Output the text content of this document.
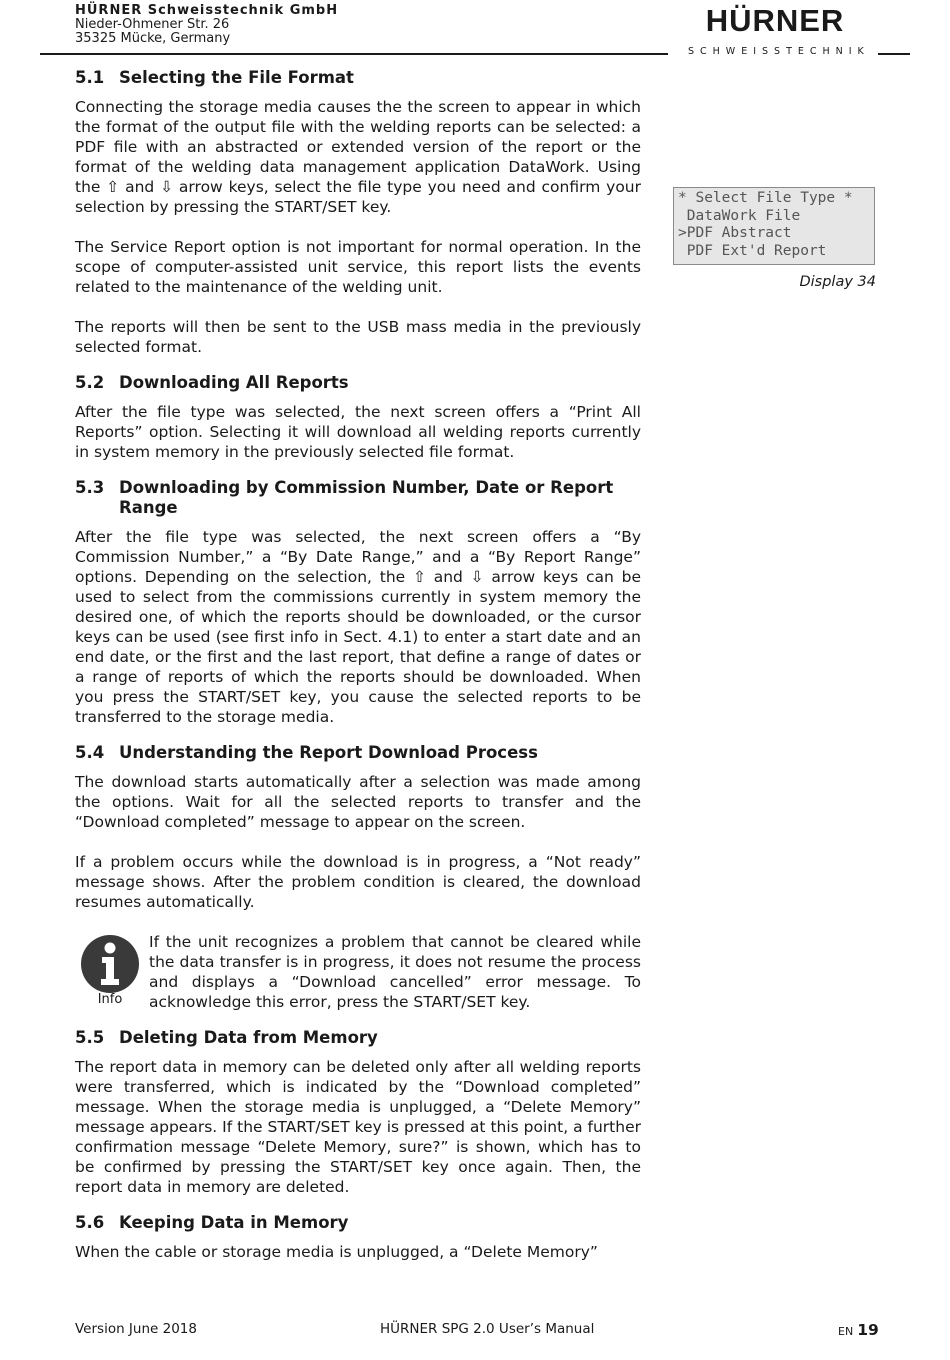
HÜRNER Schweisstechnik GmbH
Nieder-Ohmener Str. 26
35325 Mücke, Germany
HÜRNER
SCHWEISSTECHNIK
5.1 Selecting the File Format

Connecting the storage media causes the the screen to appear in which the format of the output file with the welding reports can be selected: a PDF file with an abstracted or extended version of the report or the format of the welding data management application DataWork. Using the ⇧ and ⇩ arrow keys, select the file type you need and confirm your selection by pressing the START/SET key.

The Service Report option is not important for normal operation. In the scope of computer-assisted unit service, this report lists the events related to the maintenance of the welding unit.

The reports will then be sent to the USB mass media in the previously selected format.

5.2 Downloading All Reports

After the file type was selected, the next screen offers a “Print All Reports” option. Selecting it will download all welding reports currently in system memory in the previously selected file format.

5.3 Downloading by Commission Number, Date or Report Range

After the file type was selected, the next screen offers a “By Commission Number,” a “By Date Range,” and a “By Report Range” options. Depending on the selection, the ⇧ and ⇩ arrow keys can be used to select from the commissions currently in system memory the desired one, of which the reports should be downloaded, or the cursor keys can be used (see first info in Sect. 4.1) to enter a start date and an end date, or the first and the last report, that define a range of dates or a range of reports of which the reports should be downloaded. When you press the START/SET key, you cause the selected reports to be transferred to the storage media.

5.4 Understanding the Report Download Process

The download starts automatically after a selection was made among the options. Wait for all the selected reports to transfer and the “Download completed” message to appear on the screen.

If a problem occurs while the download is in progress, a “Not ready” message shows. After the problem condition is cleared, the download resumes automatically.

Info

If the unit recognizes a problem that cannot be cleared while the data transfer is in progress, it does not resume the process and displays a “Download cancelled” error message. To acknowledge this error, press the START/SET key.

5.5 Deleting Data from Memory

The report data in memory can be deleted only after all welding reports were transferred, which is indicated by the “Download completed” message. When the storage media is unplugged, a “Delete Memory” message appears. If the START/SET key is pressed at this point, a further confirmation message “Delete Memory, sure?” is shown, which has to be confirmed by pressing the START/SET key once again. Then, the report data in memory are deleted.

5.6 Keeping Data in Memory

When the cable or storage media is unplugged, a “Delete Memory”

* Select File Type *
DataWork File
>PDF Abstract
PDF Ext'd Report
Display 34
Version June 2018	HÜRNER SPG 2.0 User’s Manual	EN 19
